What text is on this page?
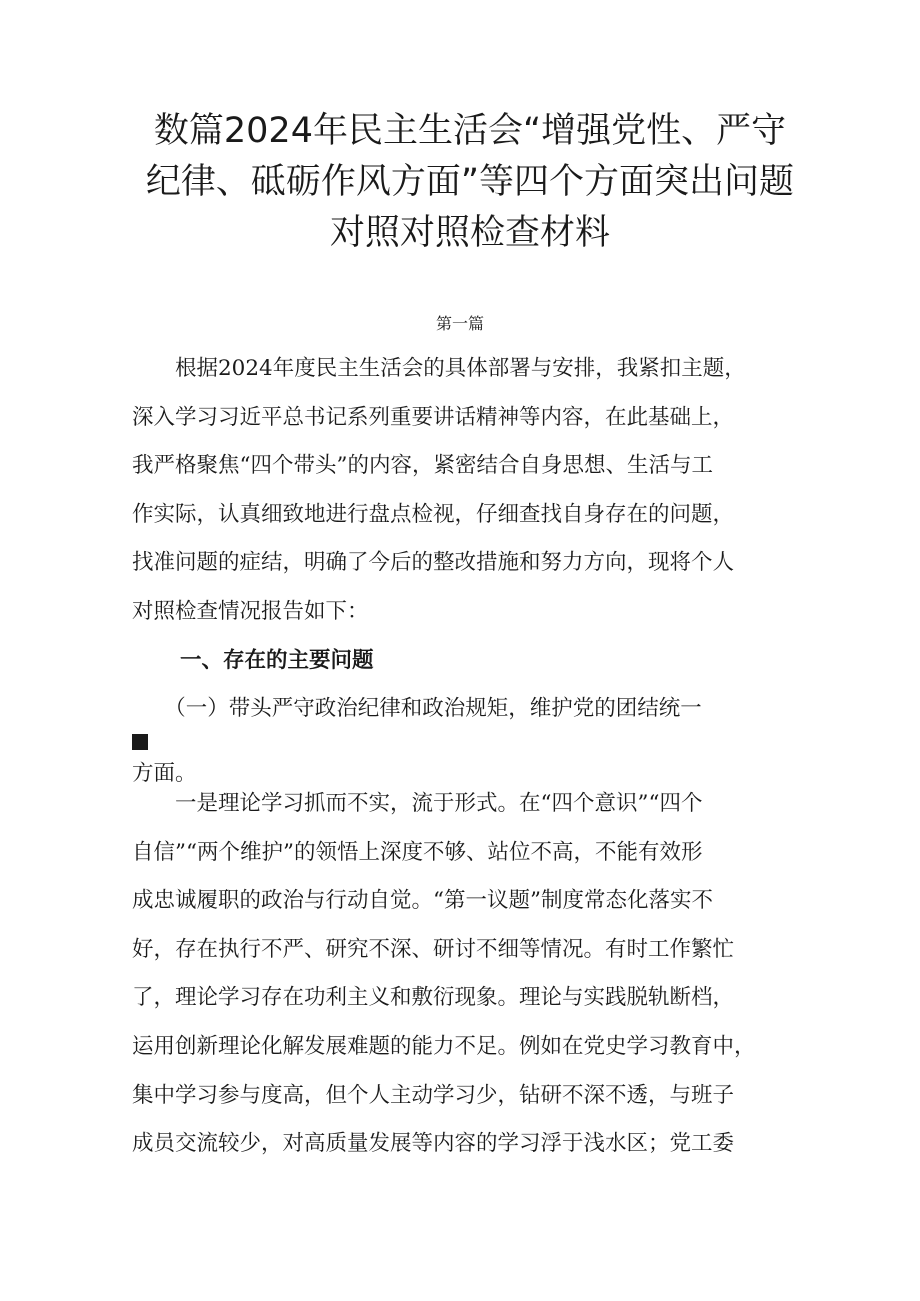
数篇2024年民主生活会“增强党性、严守
纪律、砥砺作风方面”等四个方面突出问题
对照对照检查材料
第一篇
　　根据2024年度民主生活会的具体部署与安排，我紧扣主题，
深入学习习近平总书记系列重要讲话精神等内容，在此基础上，
我严格聚焦“四个带头”的内容，紧密结合自身思想、生活与工
作实际，认真细致地进行盘点检视，仔细查找自身存在的问题，
找准问题的症结，明确了今后的整改措施和努力方向，现将个人
对照检查情况报告如下：
一、存在的主要问题
　　（一）带头严守政治纪律和政治规矩，维护党的团结统一
方面。
　　一是理论学习抓而不实，流于形式。在“四个意识”“四个
自信”“两个维护”的领悟上深度不够、站位不高，不能有效形
成忠诚履职的政治与行动自觉。“第一议题”制度常态化落实不
好，存在执行不严、研究不深、研讨不细等情况。有时工作繁忙
了，理论学习存在功利主义和敷衍现象。理论与实践脱轨断档，
运用创新理论化解发展难题的能力不足。例如在党史学习教育中，
集中学习参与度高，但个人主动学习少，钻研不深不透，与班子
成员交流较少，对高质量发展等内容的学习浮于浅水区；党工委
